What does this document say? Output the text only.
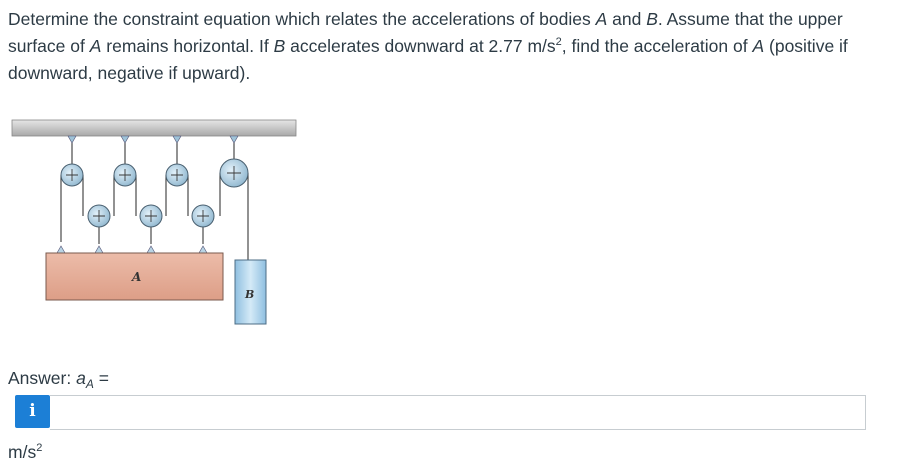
Determine the constraint equation which relates the accelerations of bodies A and B. Assume that the upper surface of A remains horizontal. If B accelerates downward at 2.77 $m/s^2$, find the acceleration of A (positive if downward, negative if upward).
A
B
Answer: $a_A$ =
i
$m/s^2$
